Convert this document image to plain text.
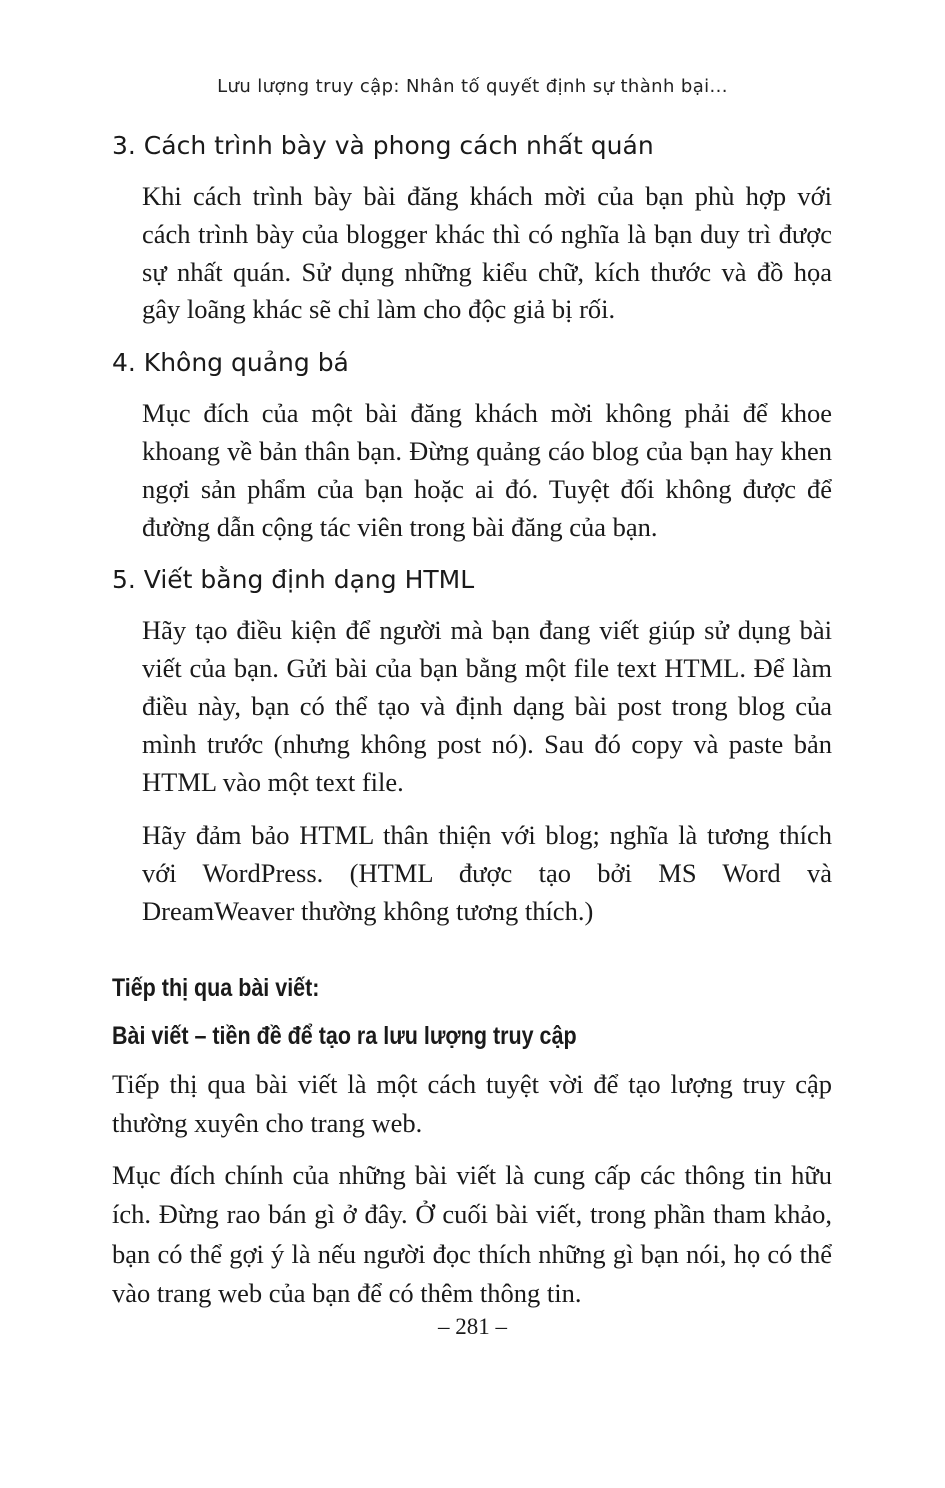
Lưu lượng truy cập: Nhân tố quyết định sự thành bại...

3. Cách trình bày và phong cách nhất quán

Khi cách trình bày bài đăng khách mời của bạn phù hợp với cách trình bày của blogger khác thì có nghĩa là bạn duy trì được sự nhất quán. Sử dụng những kiểu chữ, kích thước và đồ họa gây loãng khác sẽ chỉ làm cho độc giả bị rối.

4. Không quảng bá

Mục đích của một bài đăng khách mời không phải để khoe khoang về bản thân bạn. Đừng quảng cáo blog của bạn hay khen ngợi sản phẩm của bạn hoặc ai đó. Tuyệt đối không được để đường dẫn cộng tác viên trong bài đăng của bạn.

5. Viết bằng định dạng HTML

Hãy tạo điều kiện để người mà bạn đang viết giúp sử dụng bài viết của bạn. Gửi bài của bạn bằng một file text HTML. Để làm điều này, bạn có thể tạo và định dạng bài post trong blog của mình trước (nhưng không post nó). Sau đó copy và paste bản HTML vào một text file.

Hãy đảm bảo HTML thân thiện với blog; nghĩa là tương thích với WordPress. (HTML được tạo bởi MS Word và DreamWeaver thường không tương thích.)

Tiếp thị qua bài viết:
Bài viết – tiền đề để tạo ra lưu lượng truy cập

Tiếp thị qua bài viết là một cách tuyệt vời để tạo lượng truy cập thường xuyên cho trang web.

Mục đích chính của những bài viết là cung cấp các thông tin hữu ích. Đừng rao bán gì ở đây. Ở cuối bài viết, trong phần tham khảo, bạn có thể gợi ý là nếu người đọc thích những gì bạn nói, họ có thể vào trang web của bạn để có thêm thông tin.

– 281 –
